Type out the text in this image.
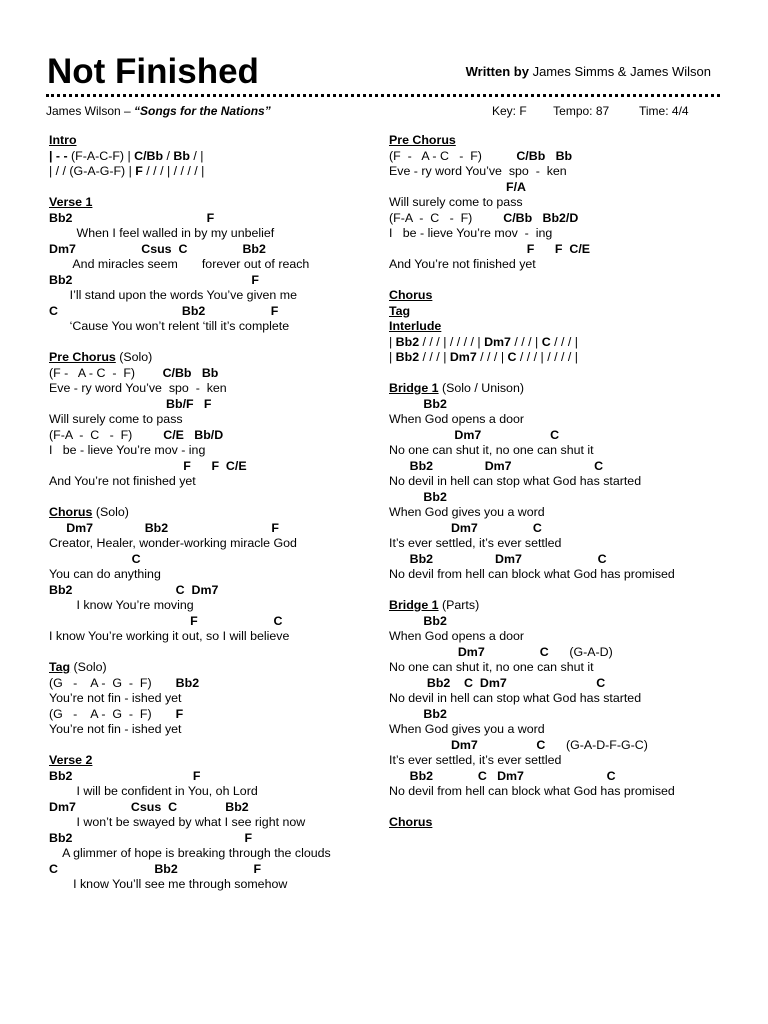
Not Finished	Written by James Simms & James Wilson
James Wilson – “Songs for the Nations”	Key: F Tempo: 87 Time: 4/4
Intro
| - - (F-A-C-F) | C/Bb / Bb / |
| / / (G-A-G-F) | F / / / | / / / / |
Verse 1
Bb2                                       F
When I feel walled in by my unbelief
Dm7                   Csus  C                Bb2
And miracles seem       forever out of reach
Bb2                                                    F
I’ll stand upon the words You’ve given me
C                                    Bb2                   F
‘Cause You won’t relent ‘till it’s complete
Pre Chorus (Solo)
(F -   A - C  -  F)        C/Bb   Bb
Eve - ry word You’ve  spo  -  ken
Bb/F   F
Will surely come to pass
(F-A  -  C   -  F)         C/E   Bb/D
I   be - lieve You’re mov - ing
F      F  C/E
And You’re not finished yet
Chorus (Solo)
Dm7               Bb2                              F
Creator, Healer, wonder-working miracle God
C
You can do anything
Bb2                              C  Dm7
I know You’re moving
F                      C
I know You’re working it out, so I will believe
Tag (Solo)
(G   -    A -  G  -  F)       Bb2
You’re not fin - ished yet
(G   -    A -  G  -  F)       F
You’re not fin - ished yet
Verse 2
Bb2                                   F
I will be confident in You, oh Lord
Dm7                Csus  C              Bb2
I won’t be swayed by what I see right now
Bb2                                                  F
A glimmer of hope is breaking through the clouds
C                            Bb2                      F
I know You’ll see me through somehow
Pre Chorus
(F  -   A - C   -  F)          C/Bb   Bb
Eve - ry word You’ve  spo  -  ken
F/A
Will surely come to pass
(F-A  -  C   -  F)         C/Bb   Bb2/D
I   be - lieve You’re mov  -  ing
F      F  C/E
And You’re not finished yet
Chorus
Tag
Interlude
| Bb2 / / / | / / / / | Dm7 / / / | C / / / |
| Bb2 / / / | Dm7 / / / | C / / / | / / / / |
Bridge 1 (Solo / Unison)
Bb2
When God opens a door
Dm7                    C
No one can shut it, no one can shut it
Bb2               Dm7                        C
No devil in hell can stop what God has started
Bb2
When God gives you a word
Dm7                C
It’s ever settled, it’s ever settled
Bb2                  Dm7                      C
No devil from hell can block what God has promised
Bridge 1 (Parts)
Bb2
When God opens a door
Dm7                C      (G-A-D)
No one can shut it, no one can shut it
Bb2    C  Dm7                          C
No devil in hell can stop what God has started
Bb2
When God gives you a word
Dm7                 C      (G-A-D-F-G-C)
It’s ever settled, it’s ever settled
Bb2             C   Dm7                        C
No devil from hell can block what God has promised
Chorus
